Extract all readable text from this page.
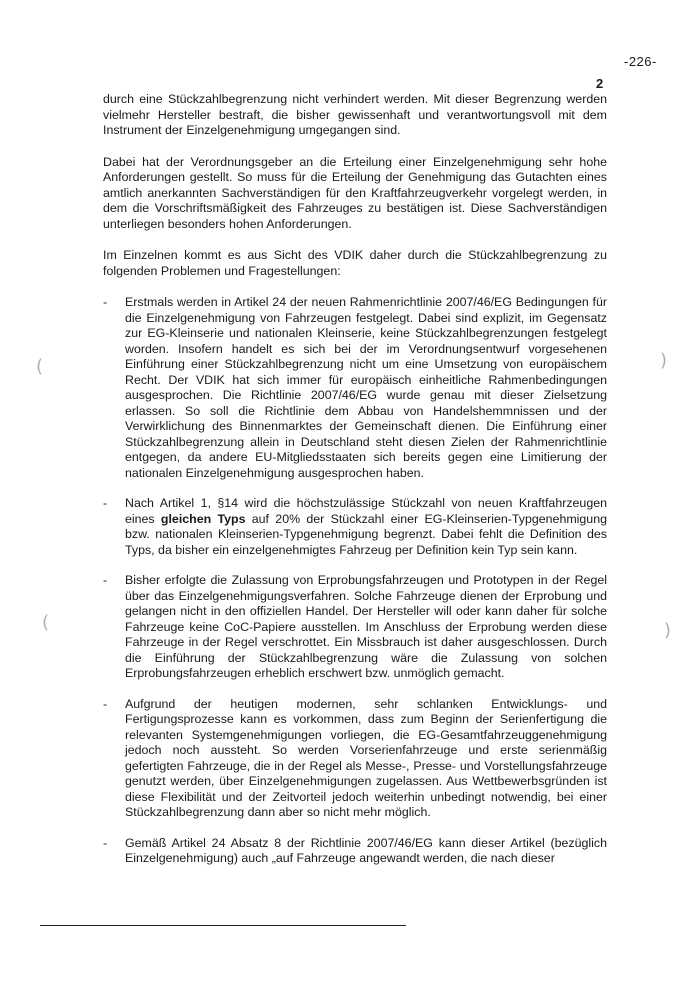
-226-
2
(
(
)
)

durch eine Stückzahlbegrenzung nicht verhindert werden. Mit dieser Begrenzung werden vielmehr Hersteller bestraft, die bisher gewissenhaft und verantwortungsvoll mit dem Instrument der Einzelgenehmigung umgegangen sind.

Dabei hat der Verordnungsgeber an die Erteilung einer Einzelgenehmigung sehr hohe Anforderungen gestellt. So muss für die Erteilung der Genehmigung das Gutachten eines amtlich anerkannten Sachverständigen für den Kraftfahrzeugverkehr vorgelegt werden, in dem die Vorschriftsmäßigkeit des Fahrzeuges zu bestätigen ist. Diese Sachverständigen unterliegen besonders hohen Anforderungen.

Im Einzelnen kommt es aus Sicht des VDIK daher durch die Stückzahlbegrenzung zu folgenden Problemen und Fragestellungen:

-	Erstmals werden in Artikel 24 der neuen Rahmenrichtlinie 2007/46/EG Bedingungen für die Einzelgenehmigung von Fahrzeugen festgelegt. Dabei sind explizit, im Gegensatz zur EG-Kleinserie und nationalen Kleinserie, keine Stückzahlbegrenzungen festgelegt worden. Insofern handelt es sich bei der im Verordnungsentwurf vorgesehenen Einführung einer Stückzahlbegrenzung nicht um eine Umsetzung von europäischem Recht. Der VDIK hat sich immer für europäisch einheitliche Rahmenbedingungen ausgesprochen. Die Richtlinie 2007/46/EG wurde genau mit dieser Zielsetzung erlassen. So soll die Richtlinie dem Abbau von Handelshemmnissen und der Verwirklichung des Binnenmarktes der Gemeinschaft dienen. Die Einführung einer Stückzahlbegrenzung allein in Deutschland steht diesen Zielen der Rahmenrichtlinie entgegen, da andere EU-Mitgliedsstaaten sich bereits gegen eine Limitierung der nationalen Einzelgenehmigung ausgesprochen haben.
-	Nach Artikel 1, §14 wird die höchstzulässige Stückzahl von neuen Kraftfahrzeugen eines gleichen Typs auf 20% der Stückzahl einer EG-Kleinserien-Typgenehmigung bzw. nationalen Kleinserien-Typgenehmigung begrenzt. Dabei fehlt die Definition des Typs, da bisher ein einzelgenehmigtes Fahrzeug per Definition kein Typ sein kann.
-	Bisher erfolgte die Zulassung von Erprobungsfahrzeugen und Prototypen in der Regel über das Einzelgenehmigungsverfahren. Solche Fahrzeuge dienen der Erprobung und gelangen nicht in den offiziellen Handel. Der Hersteller will oder kann daher für solche Fahrzeuge keine CoC-Papiere ausstellen. Im Anschluss der Erprobung werden diese Fahrzeuge in der Regel verschrottet. Ein Missbrauch ist daher ausgeschlossen. Durch die Einführung der Stückzahlbegrenzung wäre die Zulassung von solchen Erprobungsfahrzeugen erheblich erschwert bzw. unmöglich gemacht.
-	Aufgrund der heutigen modernen, sehr schlanken Entwicklungs- und Fertigungsprozesse kann es vorkommen, dass zum Beginn der Serienfertigung die relevanten Systemgenehmigungen vorliegen, die EG-Gesamtfahrzeuggenehmigung jedoch noch aussteht. So werden Vorserienfahrzeuge und erste serienmäßig gefertigten Fahrzeuge, die in der Regel als Messe-, Presse- und Vorstellungsfahrzeuge genutzt werden, über Einzelgenehmigungen zugelassen. Aus Wettbewerbsgründen ist diese Flexibilität und der Zeitvorteil jedoch weiterhin unbedingt notwendig, bei einer Stückzahlbegrenzung dann aber so nicht mehr möglich.
-	Gemäß Artikel 24 Absatz 8 der Richtlinie 2007/46/EG kann dieser Artikel (bezüglich Einzelgenehmigung) auch „auf Fahrzeuge angewandt werden, die nach dieser
